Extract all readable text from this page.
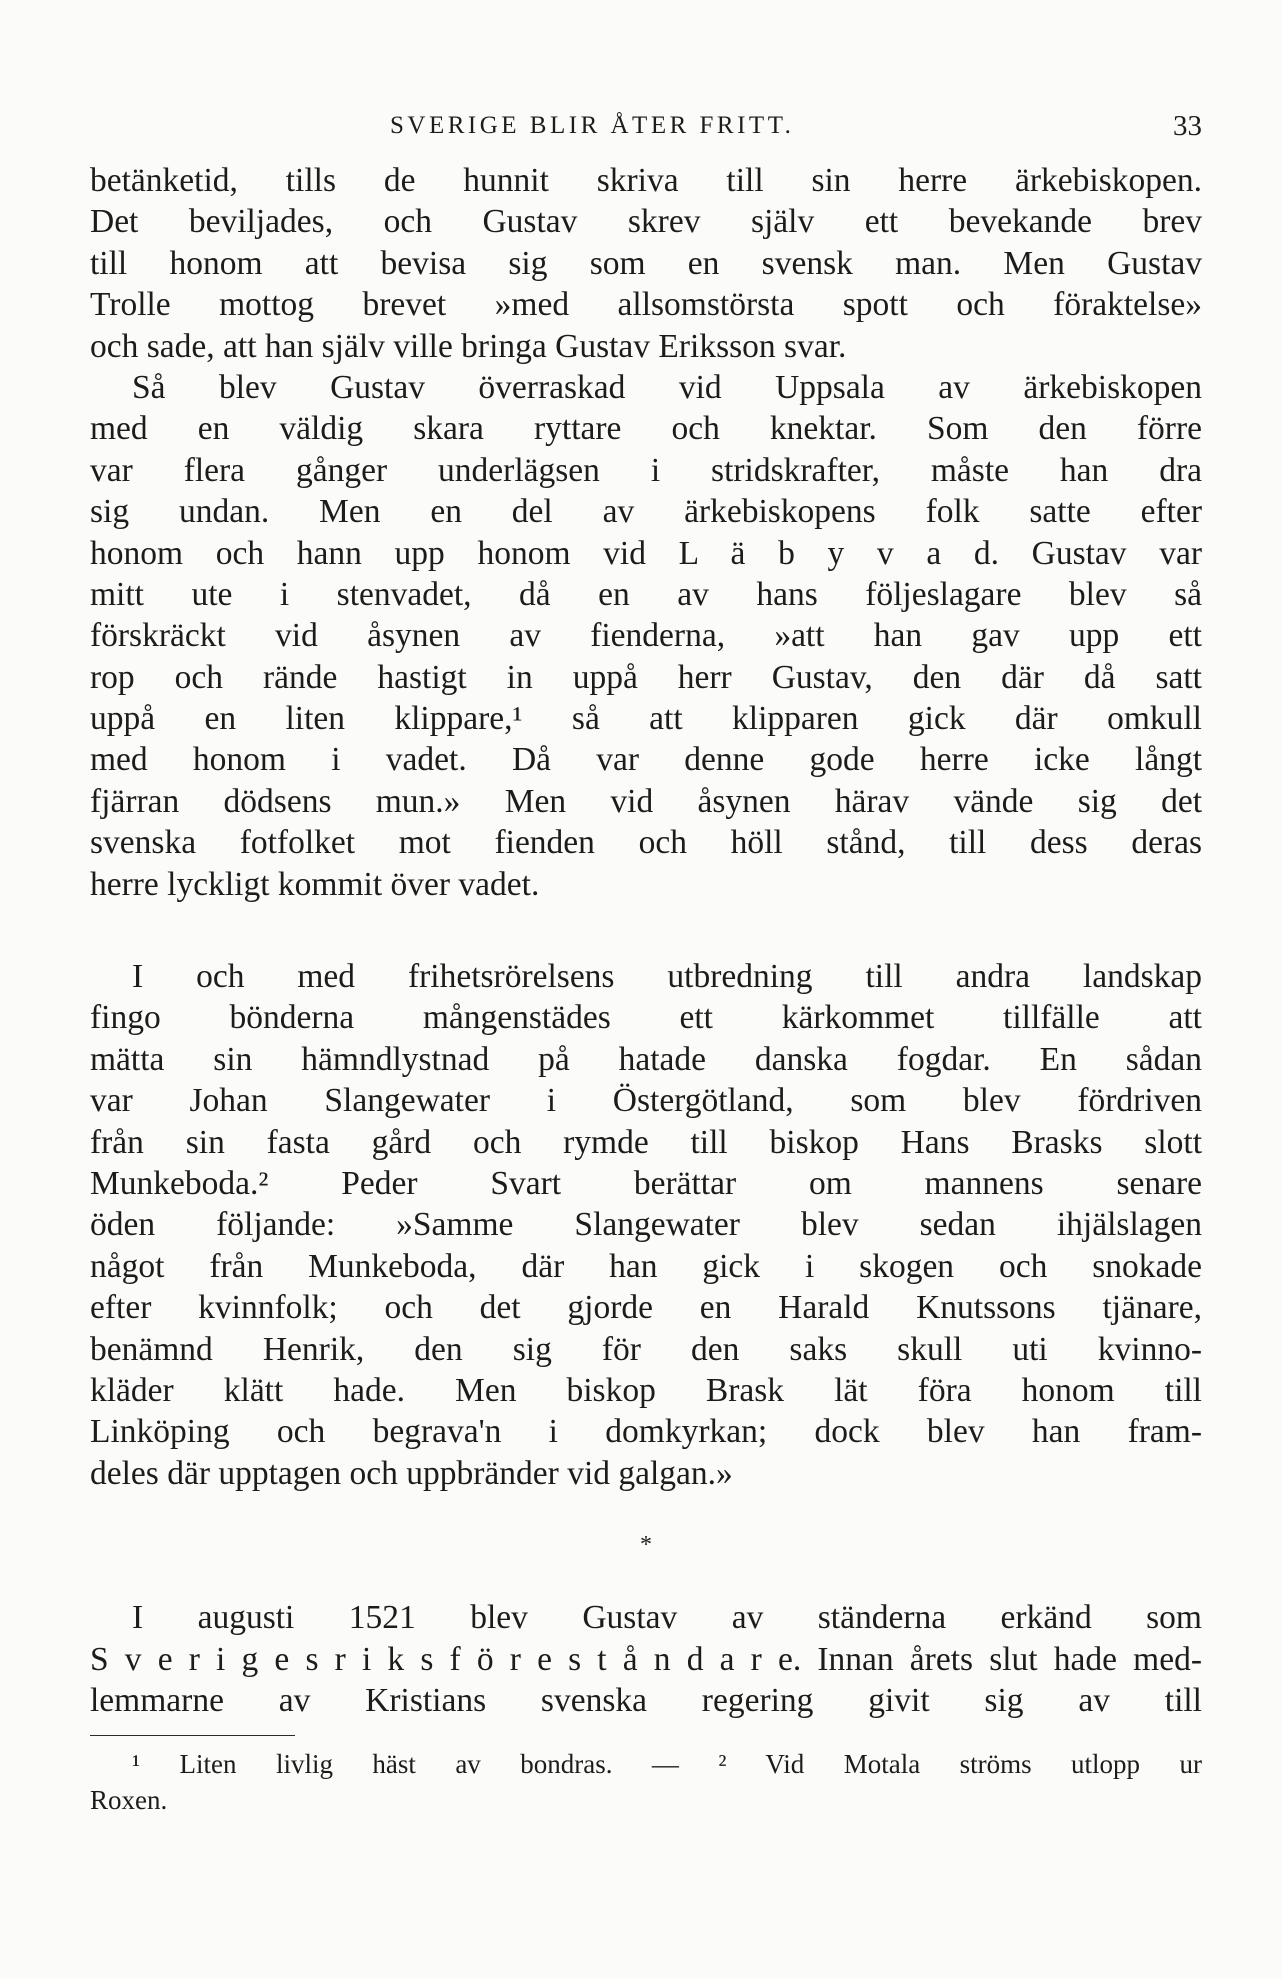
SVERIGE BLIR ÅTER FRITT.	33
betänketid, tills de hunnit skriva till sin herre ärkebiskopen.
Det beviljades, och Gustav skrev själv ett bevekande brev
till honom att bevisa sig som en svensk man. Men Gustav
Trolle mottog brevet »med allsomstörsta spott och föraktelse»
och sade, att han själv ville bringa Gustav Eriksson svar.
Så blev Gustav överraskad vid Uppsala av ärkebiskopen
med en väldig skara ryttare och knektar. Som den förre
var flera gånger underlägsen i stridskrafter, måste han dra
sig undan. Men en del av ärkebiskopens folk satte efter
honom och hann upp honom vid L ä b y v a d. Gustav var
mitt ute i stenvadet, då en av hans följeslagare blev så
förskräckt vid åsynen av fienderna, »att han gav upp ett
rop och rände hastigt in uppå herr Gustav, den där då satt
uppå en liten klippare,¹ så att klipparen gick där omkull
med honom i vadet. Då var denne gode herre icke långt
fjärran dödsens mun.» Men vid åsynen härav vände sig det
svenska fotfolket mot fienden och höll stånd, till dess deras
herre lyckligt kommit över vadet.
I och med frihetsrörelsens utbredning till andra landskap
fingo bönderna mångenstädes ett kärkommet tillfälle att
mätta sin hämndlystnad på hatade danska fogdar. En sådan
var Johan Slangewater i Östergötland, som blev fördriven
från sin fasta gård och rymde till biskop Hans Brasks slott
Munkeboda.² Peder Svart berättar om mannens senare
öden följande: »Samme Slangewater blev sedan ihjälslagen
något från Munkeboda, där han gick i skogen och snokade
efter kvinnfolk; och det gjorde en Harald Knutssons tjänare,
benämnd Henrik, den sig för den saks skull uti kvinno-
kläder klätt hade. Men biskop Brask lät föra honom till
Linköping och begrava'n i domkyrkan; dock blev han fram-
deles där upptagen och uppbränder vid galgan.»
*
I augusti 1521 blev Gustav av ständerna erkänd som
S v e r i g e s r i k s f ö r e s t å n d a r e. Innan årets slut hade med-
lemmarne av Kristians svenska regering givit sig av till
¹ Liten livlig häst av bondras. — ² Vid Motala ströms utlopp ur
Roxen.
